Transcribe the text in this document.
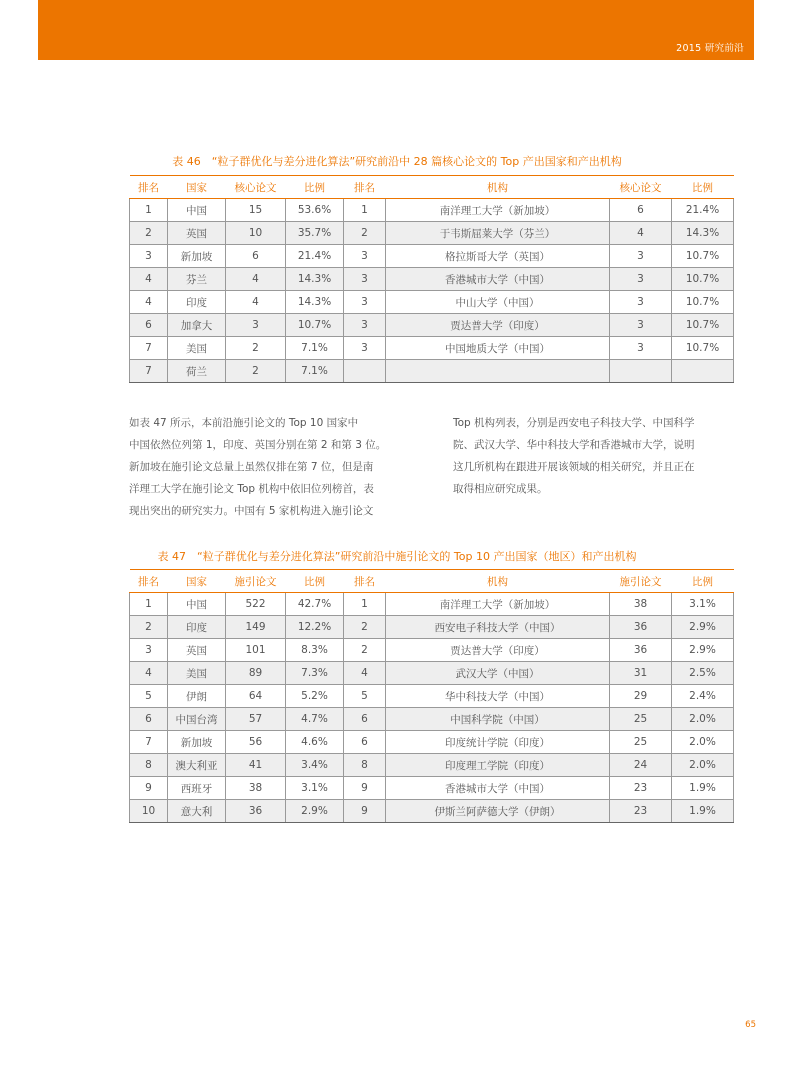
2015 研究前沿
表 46　“粒子群优化与差分进化算法”研究前沿中 28 篇核心论文的 Top 产出国家和产出机构
排名	国家	核心论文	比例	排名	机构	核心论文	比例
1	中国	15	53.6%	1	南洋理工大学（新加坡）	6	21.4%
2	英国	10	35.7%	2	于韦斯屈莱大学（芬兰）	4	14.3%
3	新加坡	6	21.4%	3	格拉斯哥大学（英国）	3	10.7%
4	芬兰	4	14.3%	3	香港城市大学（中国）	3	10.7%
4	印度	4	14.3%	3	中山大学（中国）	3	10.7%
6	加拿大	3	10.7%	3	贾达普大学（印度）	3	10.7%
7	美国	2	7.1%	3	中国地质大学（中国）	3	10.7%
7	荷兰	2	7.1%				
如表 47 所示，本前沿施引论文的 Top 10 国家中
中国依然位列第 1，印度、英国分别在第 2 和第 3 位。
新加坡在施引论文总量上虽然仅排在第 7 位，但是南
洋理工大学在施引论文 Top 机构中依旧位列榜首，表
现出突出的研究实力。中国有 5 家机构进入施引论文
Top 机构列表，分别是西安电子科技大学、中国科学
院、武汉大学、华中科技大学和香港城市大学，说明
这几所机构在跟进开展该领域的相关研究，并且正在
取得相应研究成果。
表 47　“粒子群优化与差分进化算法”研究前沿中施引论文的 Top 10 产出国家（地区）和产出机构
排名	国家	施引论文	比例	排名	机构	施引论文	比例
1	中国	522	42.7%	1	南洋理工大学（新加坡）	38	3.1%
2	印度	149	12.2%	2	西安电子科技大学（中国）	36	2.9%
3	英国	101	8.3%	2	贾达普大学（印度）	36	2.9%
4	美国	89	7.3%	4	武汉大学（中国）	31	2.5%
5	伊朗	64	5.2%	5	华中科技大学（中国）	29	2.4%
6	中国台湾	57	4.7%	6	中国科学院（中国）	25	2.0%
7	新加坡	56	4.6%	6	印度统计学院（印度）	25	2.0%
8	澳大利亚	41	3.4%	8	印度理工学院（印度）	24	2.0%
9	西班牙	38	3.1%	9	香港城市大学（中国）	23	1.9%
10	意大利	36	2.9%	9	伊斯兰阿萨德大学（伊朗）	23	1.9%
65
